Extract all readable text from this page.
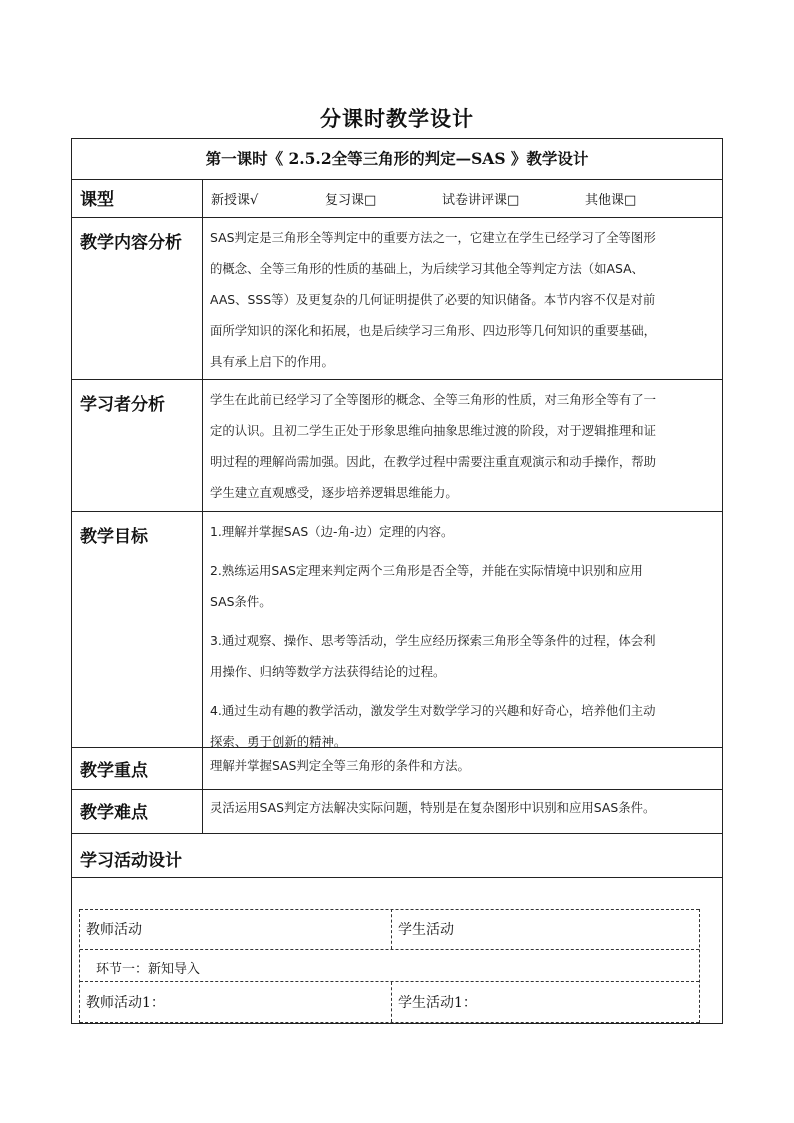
分课时教学设计
第一课时《 2.5.2全等三角形的判定—SAS 》教学设计
课型	新授课√	复习课□	试卷讲评课□	其他课□
教学内容分析	SAS判定是三角形全等判定中的重要方法之一，它建立在学生已经学习了全等图形
的概念、全等三角形的性质的基础上，为后续学习其他全等判定方法（如ASA、
AAS、SSS等）及更复杂的几何证明提供了必要的知识储备。本节内容不仅是对前
面所学知识的深化和拓展，也是后续学习三角形、四边形等几何知识的重要基础，
具有承上启下的作用。
学习者分析	学生在此前已经学习了全等图形的概念、全等三角形的性质，对三角形全等有了一
定的认识。且初二学生正处于形象思维向抽象思维过渡的阶段，对于逻辑推理和证
明过程的理解尚需加强。因此，在教学过程中需要注重直观演示和动手操作，帮助
学生建立直观感受，逐步培养逻辑思维能力。
教学目标	1.理解并掌握SAS（边-角-边）定理的内容。
2.熟练运用SAS定理来判定两个三角形是否全等，并能在实际情境中识别和应用
SAS条件。
3.通过观察、操作、思考等活动，学生应经历探索三角形全等条件的过程，体会利
用操作、归纳等数学方法获得结论的过程。
4.通过生动有趣的教学活动，激发学生对数学学习的兴趣和好奇心，培养他们主动
探索、勇于创新的精神。
教学重点	理解并掌握SAS判定全等三角形的条件和方法。
教学难点	灵活运用SAS判定方法解决实际问题，特别是在复杂图形中识别和应用SAS条件。
学习活动设计
教师活动	学生活动
环节一：新知导入
教师活动1：	学生活动1：
